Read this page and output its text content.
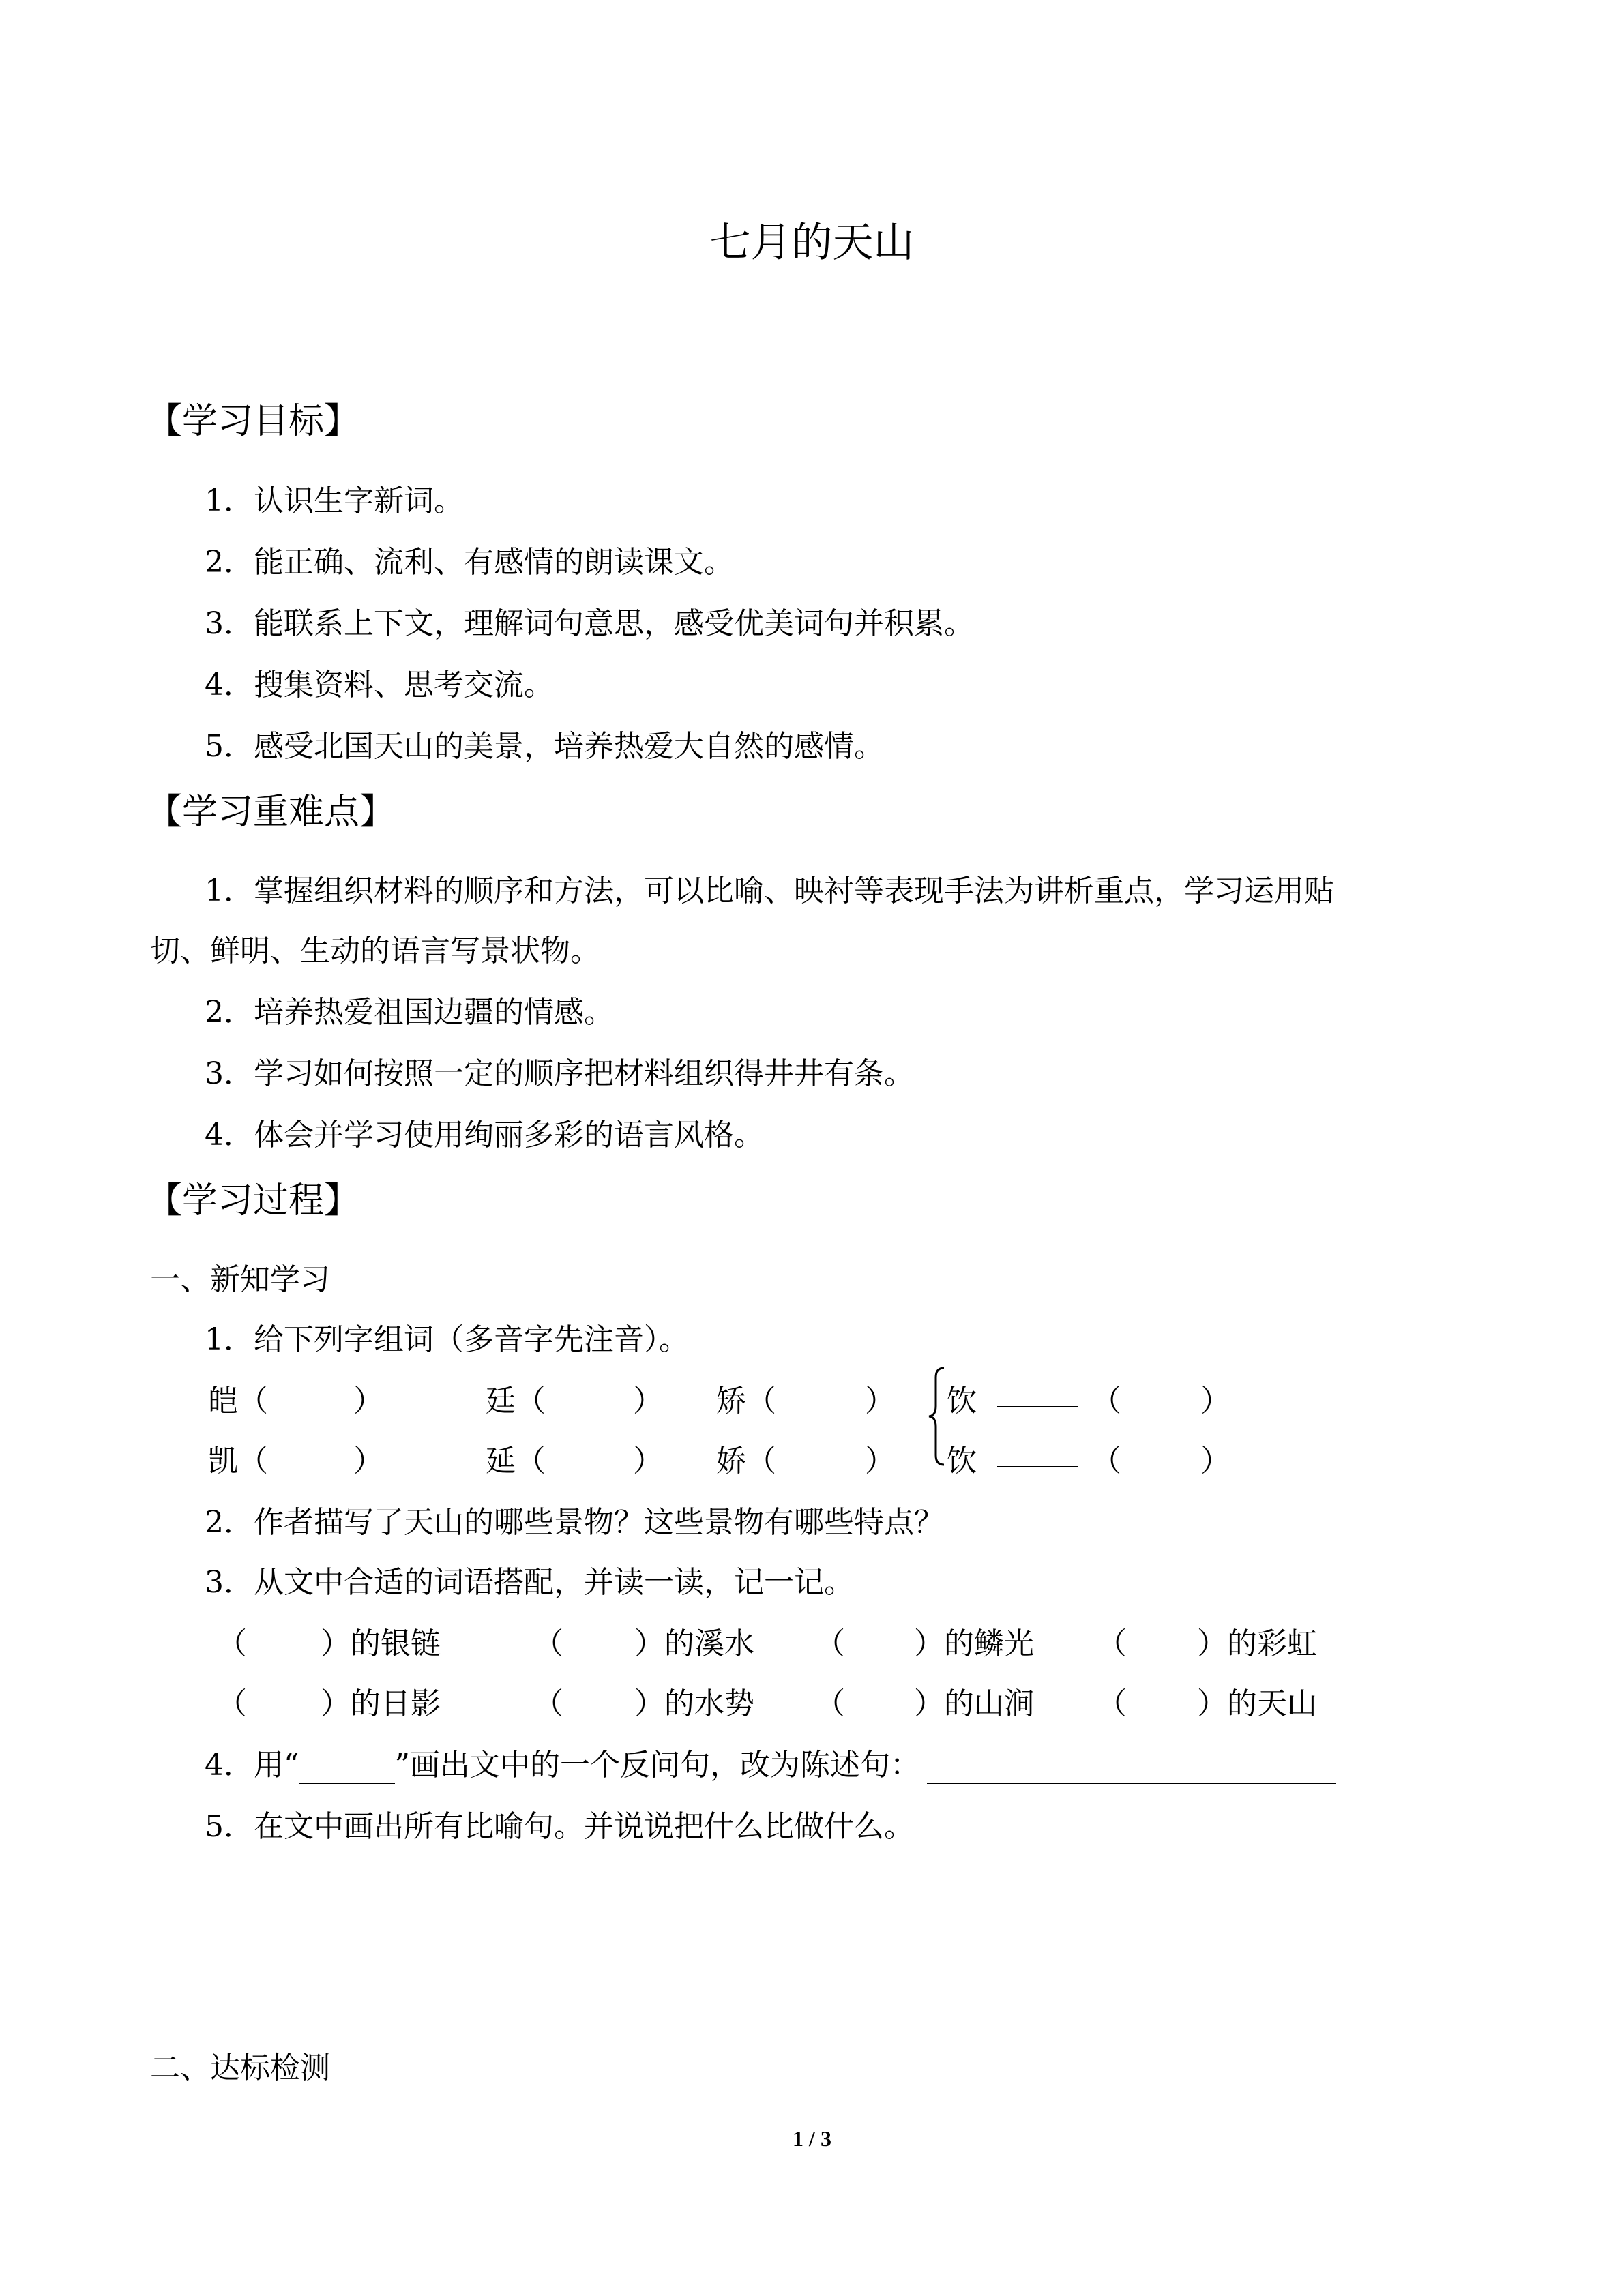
七月的天山
【学习目标】
1．认识生字新词。
2．能正确、流利、有感情的朗读课文。
3．能联系上下文，理解词句意思，感受优美词句并积累。
4．搜集资料、思考交流。
5．感受北国天山的美景，培养热爱大自然的感情。
【学习重难点】
1．掌握组织材料的顺序和方法，可以比喻、映衬等表现手法为讲析重点，学习运用贴
切、鲜明、生动的语言写景状物。
2．培养热爱祖国边疆的情感。
3．学习如何按照一定的顺序把材料组织得井井有条。
4．体会并学习使用绚丽多彩的语言风格。
【学习过程】
一、新知学习
1．给下列字组词（多音字先注音）。
皑（	）	廷（	） 矫（	） 饮	（	）
凯（	）	延（	） 娇（	） 饮	（	）
2．作者描写了天山的哪些景物？这些景物有哪些特点？
3．从文中合适的词语搭配，并读一读，记一记。
（ ）的银链	（ ）的溪水 （ ）的鳞光 （ ）的彩虹
（ ）的日影	（ ）的水势 （ ）的山涧 （ ）的天山
4．用“	”画出文中的一个反问句，改为陈述句：
5．在文中画出所有比喻句。并说说把什么比做什么。
二、达标检测
1 / 3
